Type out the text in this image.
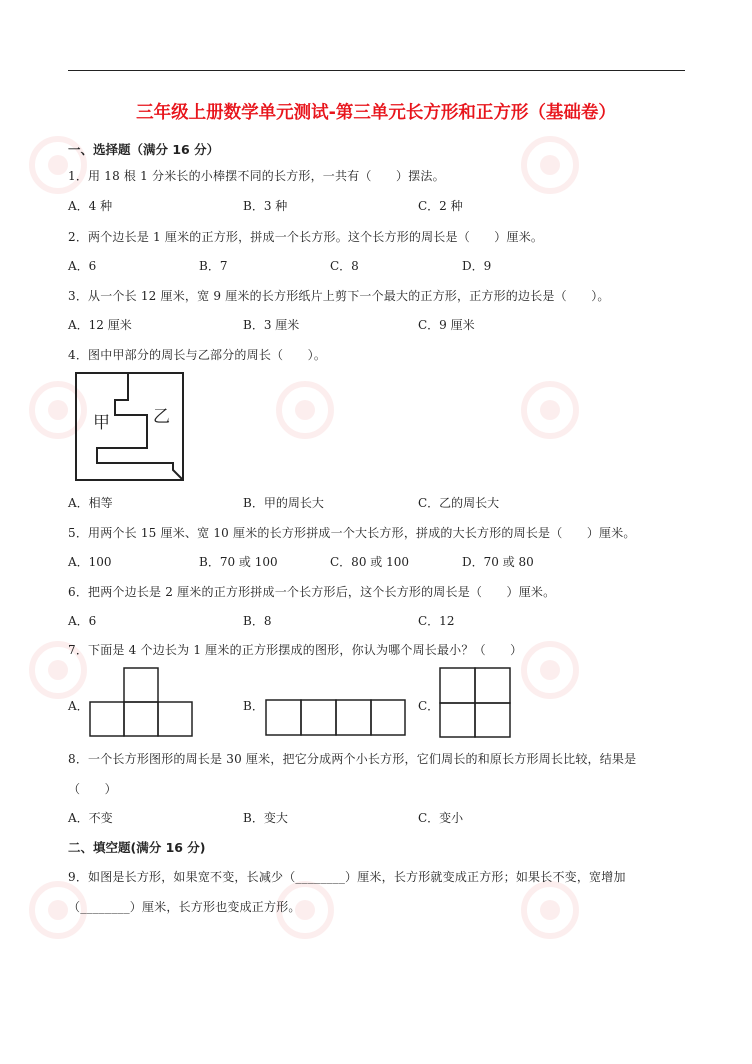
三年级上册数学单元测试-第三单元长方形和正方形（基础卷）
一、选择题（满分 16 分）
1．用 18 根 1 分米长的小棒摆不同的长方形，一共有（　　）摆法。
A．4 种	B．3 种	C．2 种
2．两个边长是 1 厘米的正方形，拼成一个长方形。这个长方形的周长是（　　）厘米。
A．6	B．7	C．8	D．9
3．从一个长 12 厘米，宽 9 厘米的长方形纸片上剪下一个最大的正方形，正方形的边长是（　　）。
A．12 厘米	B．3 厘米	C．9 厘米
4．图中甲部分的周长与乙部分的周长（　　）。
甲	乙
A．相等	B．甲的周长大	C．乙的周长大
5．用两个长 15 厘米、宽 10 厘米的长方形拼成一个大长方形，拼成的大长方形的周长是（　　）厘米。
A．100	B．70 或 100	C．80 或 100	D．70 或 80
6．把两个边长是 2 厘米的正方形拼成一个长方形后，这个长方形的周长是（　　）厘米。
A．6	B．8	C．12
7．下面是 4 个边长为 1 厘米的正方形摆成的图形，你认为哪个周长最小？（　　）
A．	B．	C．
8．一个长方形图形的周长是 30 厘米，把它分成两个小长方形，它们周长的和原长方形周长比较，结果是
（　　）
A．不变	B．变大	C．变小
二、填空题(满分 16 分)
9．如图是长方形，如果宽不变，长减少（________）厘米，长方形就变成正方形；如果长不变，宽增加
（________）厘米，长方形也变成正方形。
